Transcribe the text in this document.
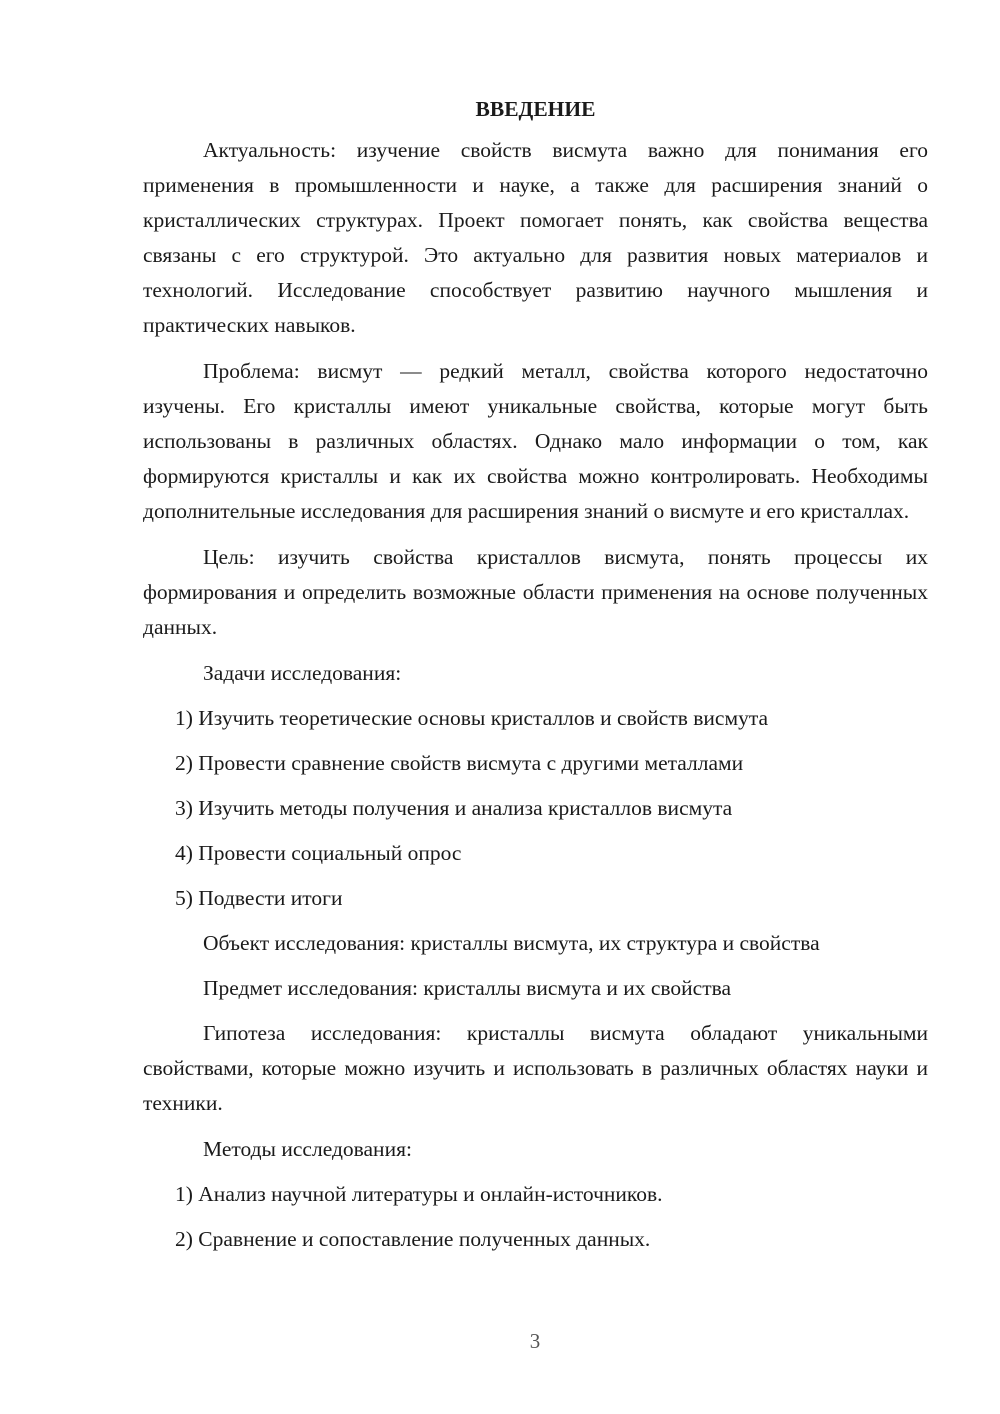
ВВЕДЕНИЕ

Актуальность: изучение свойств висмута важно для понимания его применения в промышленности и науке, а также для расширения знаний о кристаллических структурах. Проект помогает понять, как свойства вещества связаны с его структурой. Это актуально для развития новых материалов и технологий. Исследование способствует развитию научного мышления и практических навыков.

Проблема: висмут — редкий металл, свойства которого недостаточно изучены. Его кристаллы имеют уникальные свойства, которые могут быть использованы в различных областях. Однако мало информации о том, как формируются кристаллы и как их свойства можно контролировать. Необходимы дополнительные исследования для расширения знаний о висмуте и его кристаллах.

Цель: изучить свойства кристаллов висмута, понять процессы их формирования и определить возможные области применения на основе полученных данных.

Задачи исследования:
1) Изучить теоретические основы кристаллов и свойств висмута
2) Провести сравнение свойств висмута с другими металлами
3) Изучить методы получения и анализа кристаллов висмута
4) Провести социальный опрос
5) Подвести итоги
Объект исследования: кристаллы висмута, их структура и свойства
Предмет исследования: кристаллы висмута и их свойства

Гипотеза исследования: кристаллы висмута обладают уникальными свойствами, которые можно изучить и использовать в различных областях науки и техники.

Методы исследования:
1) Анализ научной литературы и онлайн-источников.
2) Сравнение и сопоставление полученных данных.
3
